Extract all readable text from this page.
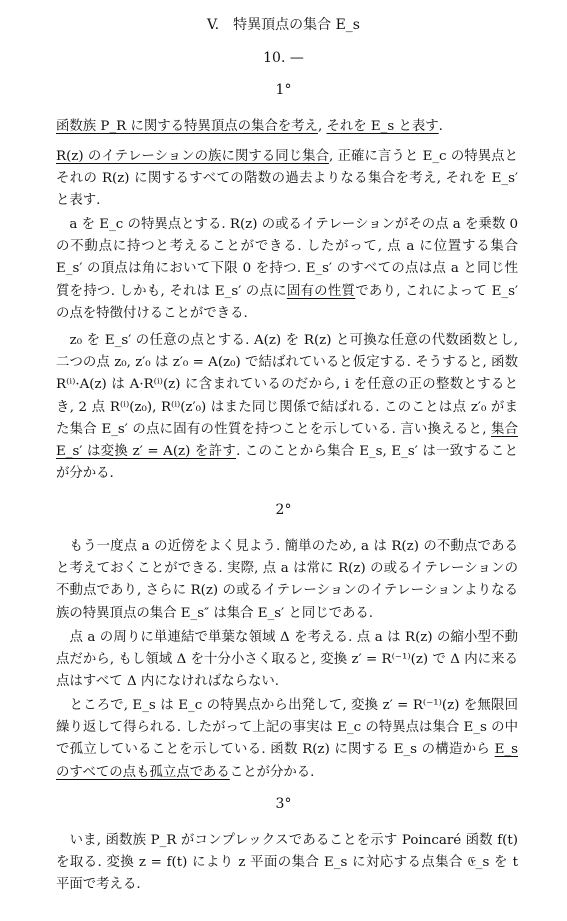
V.　特異頂点の集合 E_s
10. —
1°
函数族 P_R に関する特異頂点の集合を考え, それを E_s と表す.
R(z) のイテレーションの族に関する同じ集合, 正確に言うと E_c の特異点とそれの R(z) に関するすべての階数の過去よりなる集合を考え, それを E_s′ と表す.
　a を E_c の特異点とする. R(z) の或るイテレーションがその点 a を乗数 0 の不動点に持つと考えることができる. したがって, 点 a に位置する集合 E_s′ の頂点は角において下限 0 を持つ. E_s′ のすべての点は点 a と同じ性質を持つ. しかも, それは E_s′ の点に固有の性質であり, これによって E_s′ の点を特徴付けることができる.
　z₀ を E_s′ の任意の点とする. A(z) を R(z) と可換な任意の代数函数とし, 二つの点 z₀, z′₀ は z′₀ = A(z₀) で結ばれていると仮定する. そうすると, 函数 R⁽ⁱ⁾·A(z) は A·R⁽ⁱ⁾(z) に含まれているのだから, i を任意の正の整数とするとき, 2 点 R⁽ⁱ⁾(z₀), R⁽ⁱ⁾(z′₀) はまた同じ関係で結ばれる. このことは点 z′₀ がまた集合 E_s′ の点に固有の性質を持つことを示している. 言い換えると, 集合 E_s′ は変換 z′ = A(z) を許す. このことから集合 E_s, E_s′ は一致することが分かる.
2°
　もう一度点 a の近傍をよく見よう. 簡単のため, a は R(z) の不動点であると考えておくことができる. 実際, 点 a は常に R(z) の或るイテレーションの不動点であり, さらに R(z) の或るイテレーションのイテレーションよりなる族の特異頂点の集合 E_s″ は集合 E_s′ と同じである.
　点 a の周りに単連結で単葉な領域 Δ を考える. 点 a は R(z) の縮小型不動点だから, もし領域 Δ を十分小さく取ると, 変換 z′ = R⁽⁻¹⁾(z) で Δ 内に来る点はすべて Δ 内になければならない.
　ところで, E_s は E_c の特異点から出発して, 変換 z′ = R⁽⁻¹⁾(z) を無限回繰り返して得られる. したがって上記の事実は E_c の特異点は集合 E_s の中で孤立していることを示している. 函数 R(z) に関する E_s の構造から E_s のすべての点も孤立点であることが分かる.
3°
　いま, 函数族 P_R がコンプレックスであることを示す Poincaré 函数 f(t) を取る. 変換 z = f(t) により z 平面の集合 E_s に対応する点集合 𝔈_s を t 平面で考える.
